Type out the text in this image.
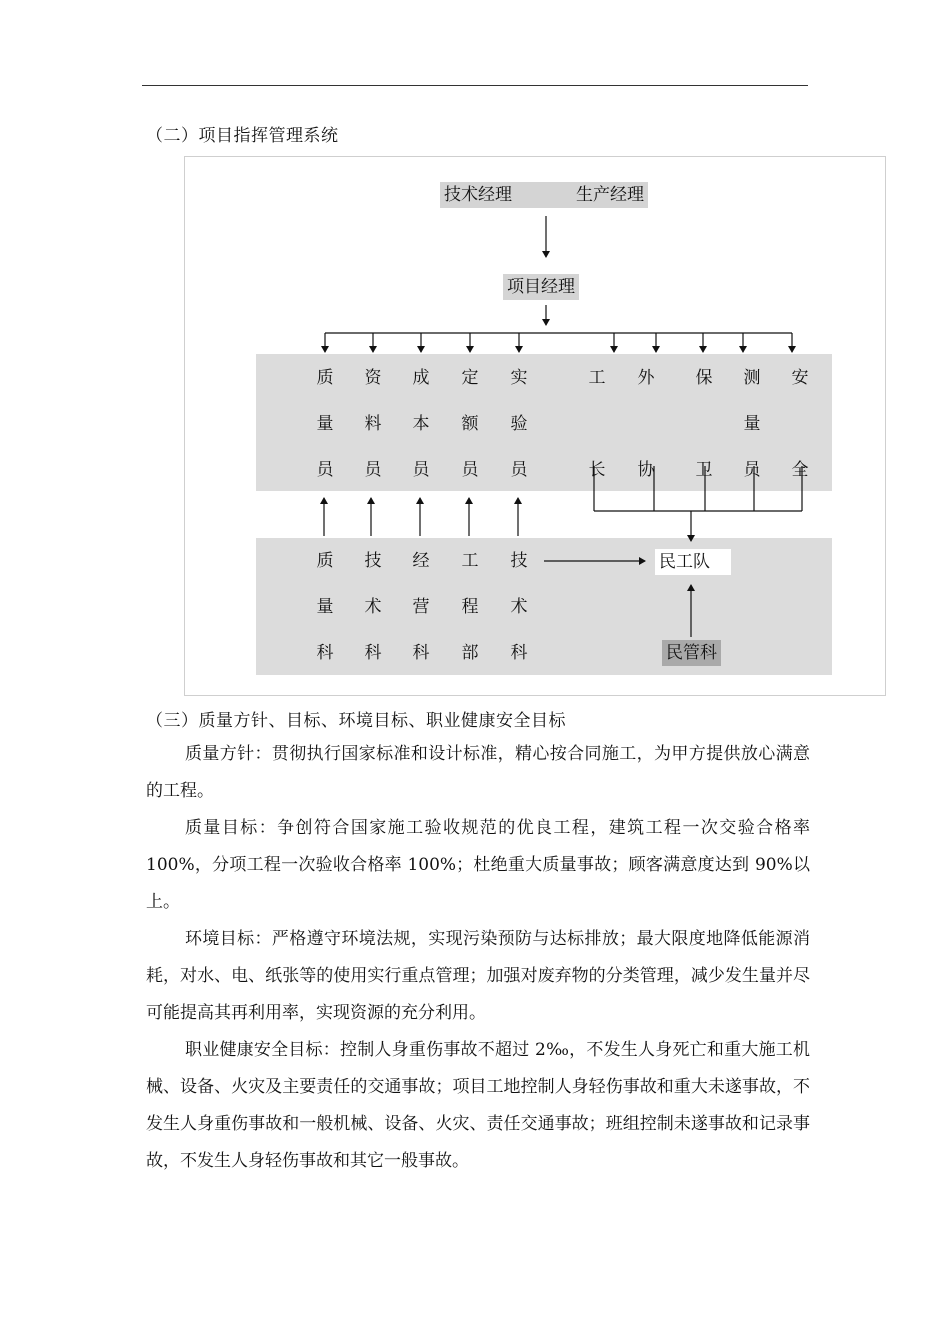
（二）项目指挥管理系统
技术经理	生产经理
项目经理
质
量
员
资
料
员
成
本
员
定
额
员
实
验
员
工
长
外
协
保
卫
测
量
员
安
全
质
量
科
技
术
科
经
营
科
工
程
部
技
术
科
民工队
民管科
（三）质量方针、目标、环境目标、职业健康安全目标

质量方针：贯彻执行国家标准和设计标准，精心按合同施工，为甲方提供放心满意的工程。

质量目标：争创符合国家施工验收规范的优良工程，建筑工程一次交验合格率 100%，分项工程一次验收合格率 100%；杜绝重大质量事故；顾客满意度达到 90%以上。

环境目标：严格遵守环境法规，实现污染预防与达标排放；最大限度地降低能源消耗，对水、电、纸张等的使用实行重点管理；加强对废弃物的分类管理，减少发生量并尽可能提高其再利用率，实现资源的充分利用。

职业健康安全目标：控制人身重伤事故不超过 2‰，不发生人身死亡和重大施工机械、设备、火灾及主要责任的交通事故；项目工地控制人身轻伤事故和重大未遂事故，不发生人身重伤事故和一般机械、设备、火灾、责任交通事故；班组控制未遂事故和记录事故，不发生人身轻伤事故和其它一般事故。
